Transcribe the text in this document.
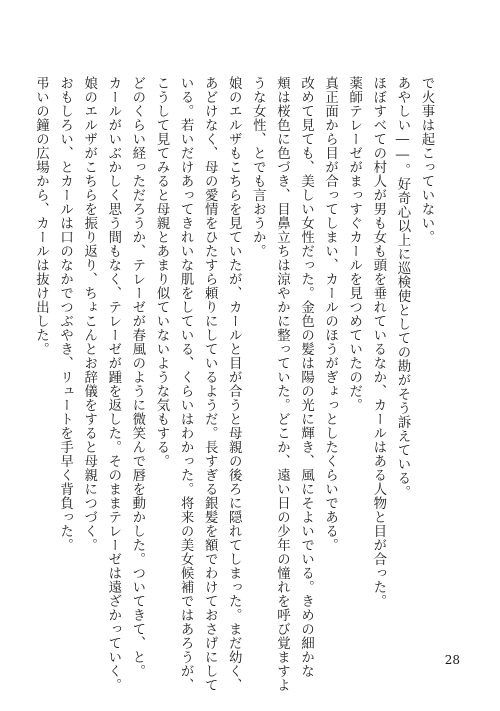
で火事は起こっていない。
あやしい――。好奇心以上に巡検使としての勘がそう訴えている。
ほぼすべての村人が男も女も頭を垂れているなか、カールはある人物と目が合った。
薬師テレーゼがまっすぐカールを見つめていたのだ。
真正面から目が合ってしまい、カールのほうがぎょっとしたくらいである。
改めて見ても、美しい女性だった。金色の髪は陽の光に輝き、風にそよいでいる。きめの細かな
頬は桜色に色づき、目鼻立ちは涼やかに整っていた。どこか、遠い日の少年の憧れを呼び覚ますよ
うな女性、とでも言おうか。
娘のエルザもこちらを見ていたが、カールと目が合うと母親の後ろに隠れてしまった。まだ幼く、
あどけなく、母の愛情をひたすら頼りにしているようだ。長すぎる銀髪を額でわけておさげにして
いる。若いだけあってきれいな肌をしている、くらいはわかった。将来の美女候補ではあろうが、
こうして見てみると母親とあまり似ていないような気もする。
どのくらい経っただろうか、テレーゼが春風のように微笑んで唇を動かした。ついてきて、と。
カールがいぶかしく思う間もなく、テレーゼが踵を返した。そのままテレーゼは遠ざかっていく。
娘のエルザがこちらを振り返り、ちょこんとお辞儀をすると母親につづく。
おもしろい、とカールは口のなかでつぶやき、リュートを手早く背負った。
弔いの鐘の広場から、カールは抜け出した。
28
